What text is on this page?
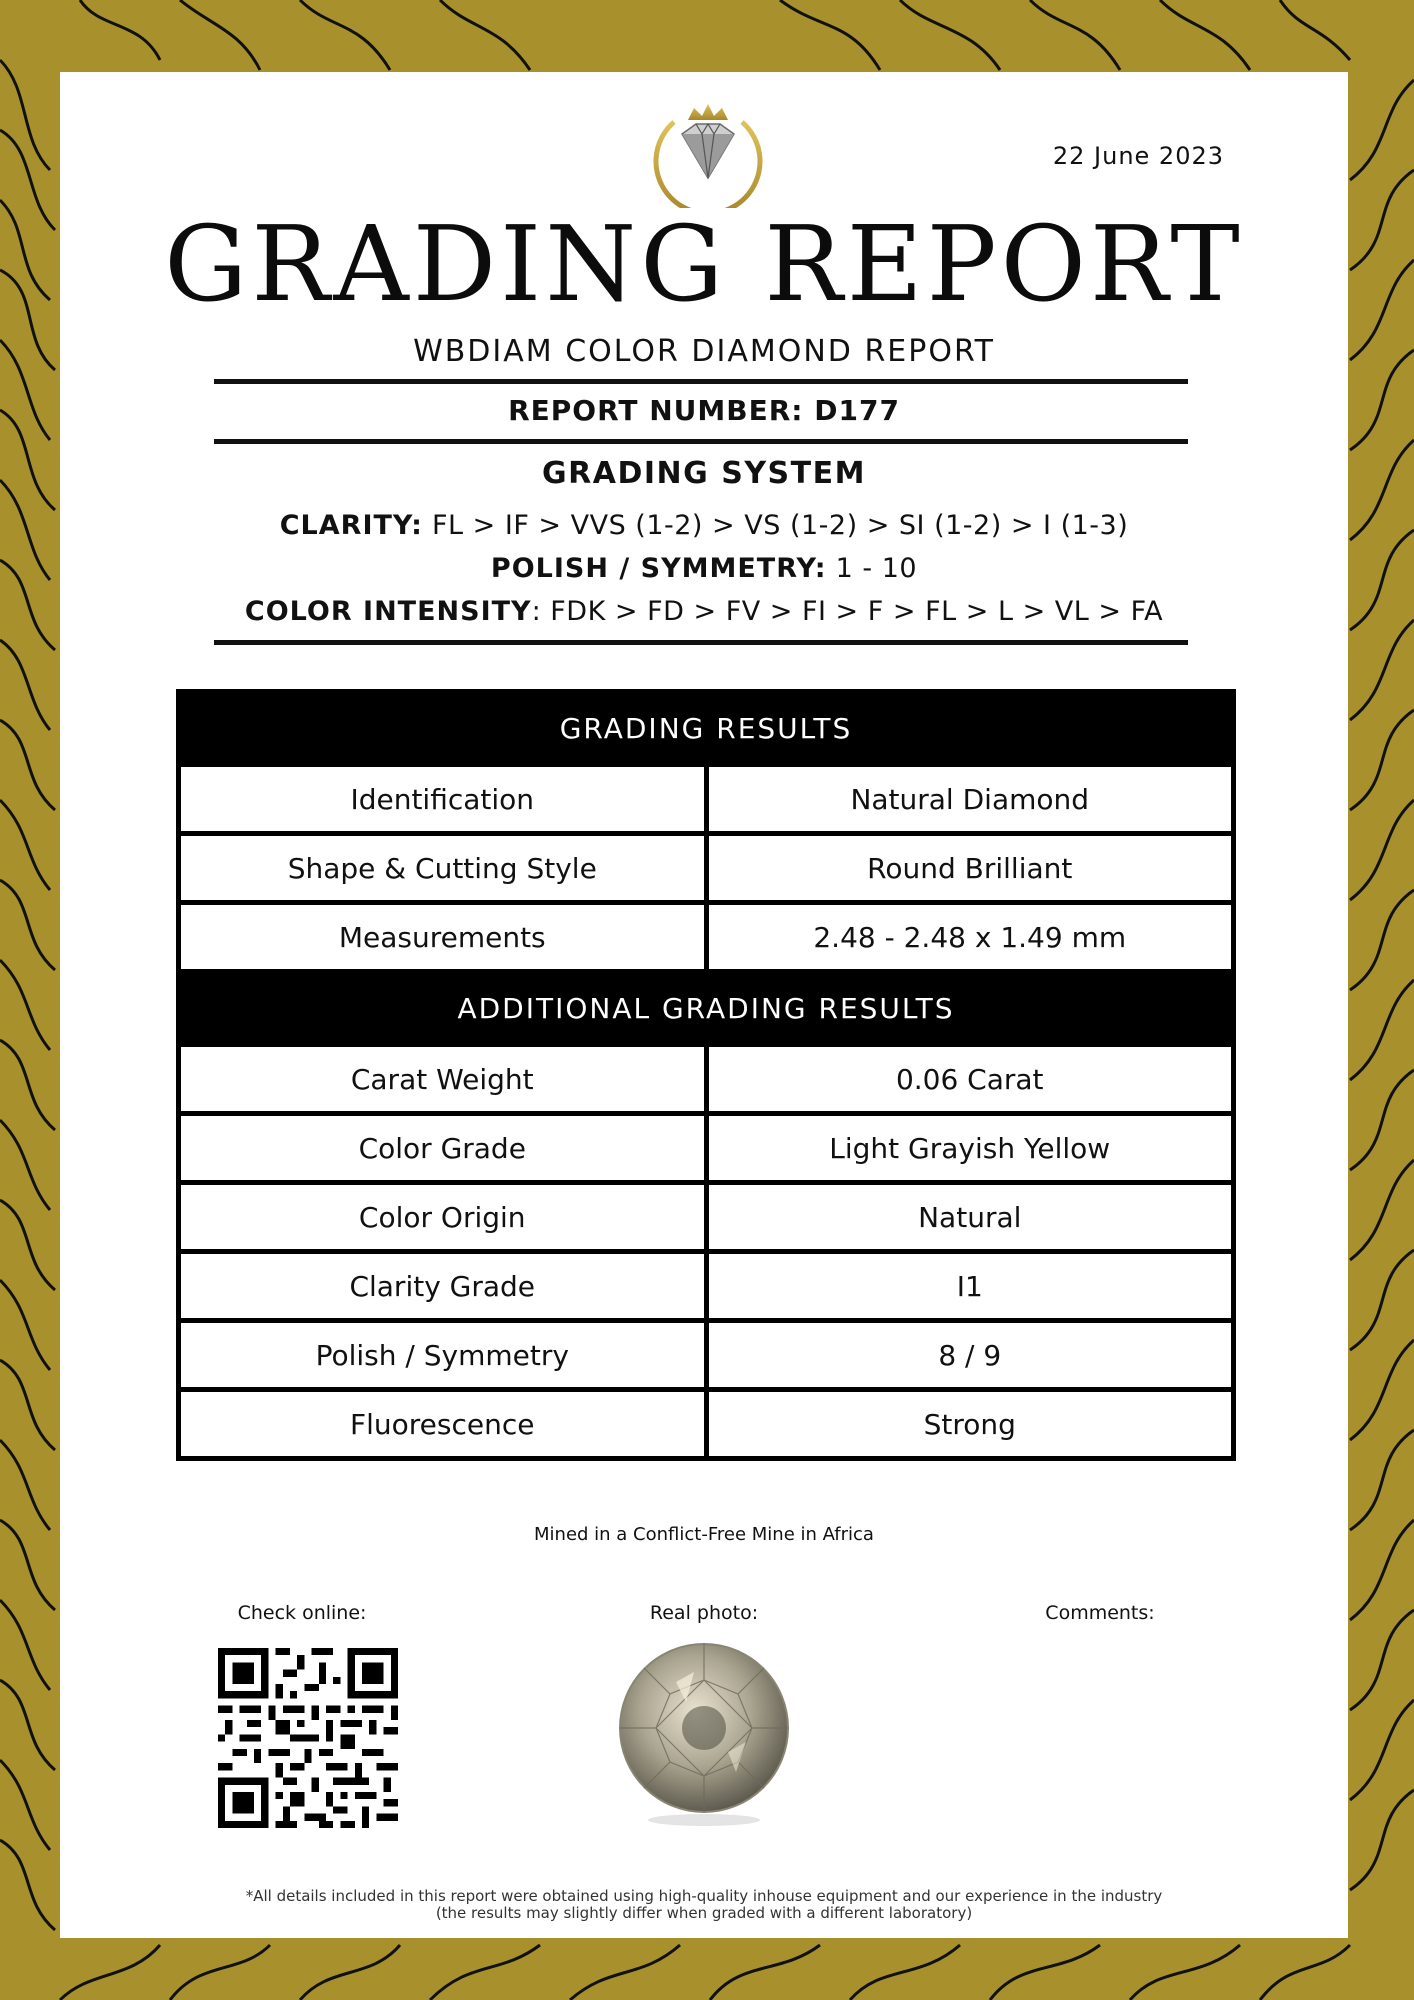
22 June 2023
GRADING REPORT
WBDIAM COLOR DIAMOND REPORT
REPORT NUMBER: D177
GRADING SYSTEM
CLARITY: FL > IF > VVS (1-2) > VS (1-2) > SI (1-2) > I (1-3)
POLISH / SYMMETRY: 1 - 10
COLOR INTENSITY: FDK > FD > FV > FI > F > FL > L > VL > FA
GRADING RESULTS	
Identification	Natural Diamond
Shape & Cutting Style	Round Brilliant
Measurements	2.48 - 2.48 x 1.49 mm
ADDITIONAL GRADING RESULTS	
Carat Weight	0.06 Carat
Color Grade	Light Grayish Yellow
Color Origin	Natural
Clarity Grade	I1
Polish / Symmetry	8 / 9
Fluorescence	Strong
Mined in a Conflict-Free Mine in Africa
Check online:	Real photo:	Comments:
*All details included in this report were obtained using high-quality inhouse equipment and our experience in the industry
(the results may slightly differ when graded with a different laboratory)
